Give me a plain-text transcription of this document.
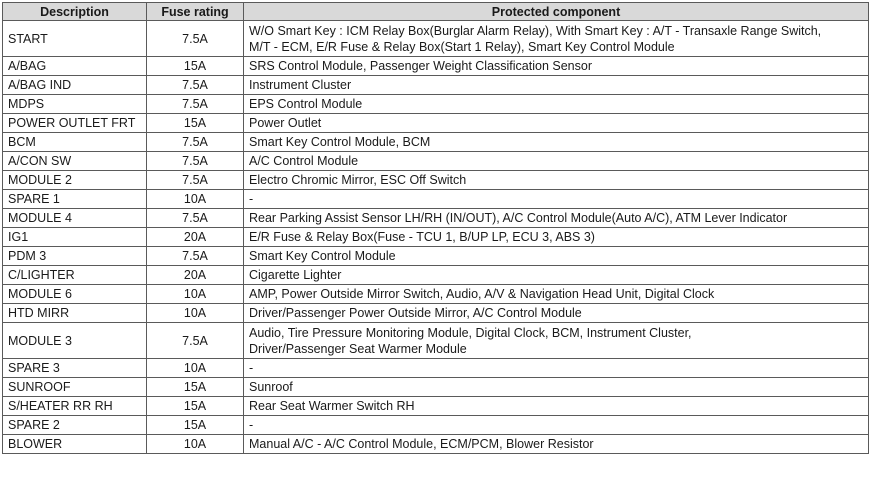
Description	Fuse rating	Protected component
START	7.5A	W/O Smart Key : ICM Relay Box(Burglar Alarm Relay), With Smart Key : A/T - Transaxle Range Switch,
M/T - ECM, E/R Fuse & Relay Box(Start 1 Relay), Smart Key Control Module
A/BAG	15A	SRS Control Module, Passenger Weight Classification Sensor
A/BAG IND	7.5A	Instrument Cluster
MDPS	7.5A	EPS Control Module
POWER OUTLET FRT	15A	Power Outlet
BCM	7.5A	Smart Key Control Module, BCM
A/CON SW	7.5A	A/C Control Module
MODULE 2	7.5A	Electro Chromic Mirror, ESC Off Switch
SPARE 1	10A	-
MODULE 4	7.5A	Rear Parking Assist Sensor LH/RH (IN/OUT), A/C Control Module(Auto A/C), ATM Lever Indicator
IG1	20A	E/R Fuse & Relay Box(Fuse - TCU 1, B/UP LP, ECU 3, ABS 3)
PDM 3	7.5A	Smart Key Control Module
C/LIGHTER	20A	Cigarette Lighter
MODULE 6	10A	AMP, Power Outside Mirror Switch, Audio, A/V & Navigation Head Unit, Digital Clock
HTD MIRR	10A	Driver/Passenger Power Outside Mirror, A/C Control Module
MODULE 3	7.5A	Audio, Tire Pressure Monitoring Module, Digital Clock, BCM, Instrument Cluster,
Driver/Passenger Seat Warmer Module
SPARE 3	10A	-
SUNROOF	15A	Sunroof
S/HEATER RR RH	15A	Rear Seat Warmer Switch RH
SPARE 2	15A	-
BLOWER	10A	Manual A/C - A/C Control Module, ECM/PCM, Blower Resistor
